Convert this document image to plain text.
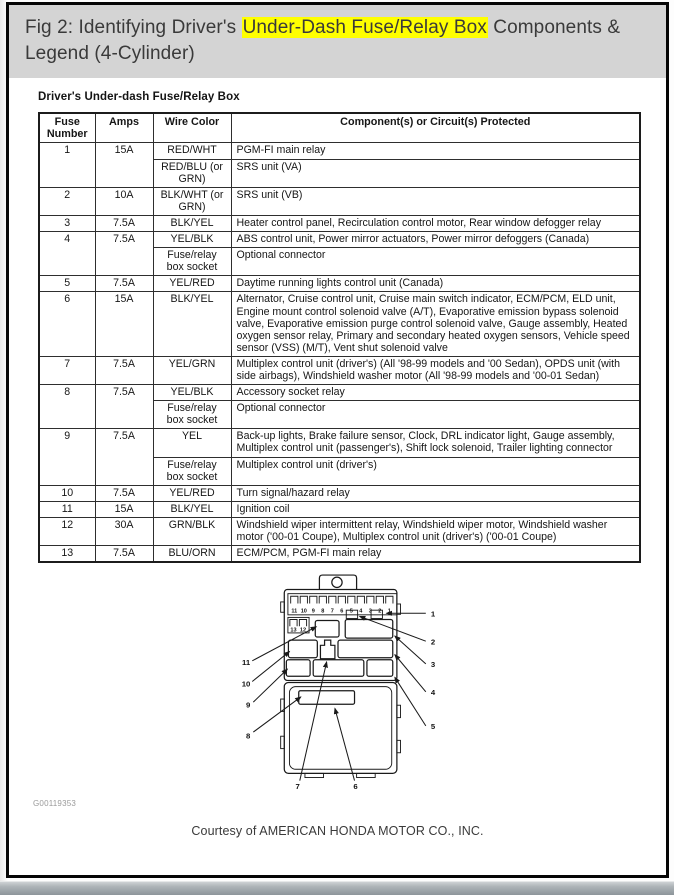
Fig 2: Identifying Driver's Under-Dash Fuse/Relay Box Components & Legend (4-Cylinder)
Driver's Under-dash Fuse/Relay Box
Fuse Number	Amps	Wire Color	Component(s) or Circuit(s) Protected
1	15A	RED/WHT	PGM-FI main relay
		RED/BLU (or GRN)	SRS unit (VA)
2	10A	BLK/WHT (or GRN)	SRS unit (VB)
3	7.5A	BLK/YEL	Heater control panel, Recirculation control motor, Rear window defogger relay
4	7.5A	YEL/BLK	ABS control unit, Power mirror actuators, Power mirror defoggers (Canada)
		Fuse/relay box socket	Optional connector
5	7.5A	YEL/RED	Daytime running lights control unit (Canada)
6	15A	BLK/YEL	Alternator, Cruise control unit, Cruise main switch indicator, ECM/PCM, ELD unit, Engine mount control solenoid valve (A/T), Evaporative emission bypass solenoid valve, Evaporative emission purge control solenoid valve, Gauge assembly, Heated oxygen sensor relay, Primary and secondary heated oxygen sensors, Vehicle speed sensor (VSS) (M/T), Vent shut solenoid valve
7	7.5A	YEL/GRN	Multiplex control unit (driver's) (All '98-99 models and '00 Sedan), OPDS unit (with side airbags), Windshield washer motor (All '98-99 models and '00-01 Sedan)
8	7.5A	YEL/BLK	Accessory socket relay
		Fuse/relay box socket	Optional connector
9	7.5A	YEL	Back-up lights, Brake failure sensor, Clock, DRL indicator light, Gauge assembly, Multiplex control unit (passenger's), Shift lock solenoid, Trailer lighting connector
		Fuse/relay box socket	Multiplex control unit (driver's)
10	7.5A	YEL/RED	Turn signal/hazard relay
11	15A	BLK/YEL	Ignition coil
12	30A	GRN/BLK	Windshield wiper intermittent relay, Windshield wiper motor, Windshield washer motor ('00-01 Coupe), Multiplex control unit (driver's) ('00-01 Coupe)
13	7.5A	BLU/ORN	ECM/PCM, PGM-FI main relay
11 10 9 8 7 6 5 4 3 2 1
13 12
1
2
3
4
5
6
7
8
9
10
11
G00119353
Courtesy of AMERICAN HONDA MOTOR CO., INC.
